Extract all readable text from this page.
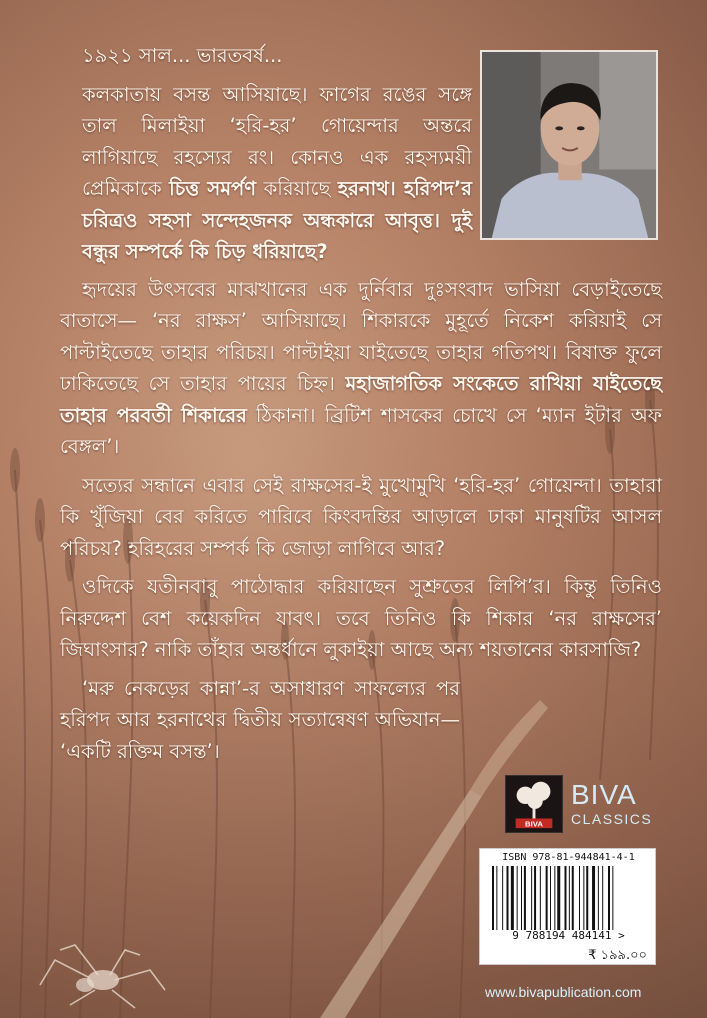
১৯২১ সাল... ভারতবর্ষ...

কলকাতায় বসন্ত আসিয়াছে। ফাগের রঙের সঙ্গে তাল মিলাইয়া ‘হরি-হর’ গোয়েন্দার অন্তরে লাগিয়াছে রহস্যের রং। কোনও এক রহস্যময়ী প্রেমিকাকে চিত্ত সমর্পণ করিয়াছে হরনাথ। হরিপদ’র চরিত্রও সহসা সন্দেহজনক অন্ধকারে আবৃত্ত। দুই বন্ধুর সম্পর্কে কি চিড় ধরিয়াছে?

হৃদয়ের উৎসবের মাঝখানের এক দুর্নিবার দুঃসংবাদ ভাসিয়া বেড়াইতেছে বাতাসে— ‘নর রাক্ষস’ আসিয়াছে। শিকারকে মুহূর্তে নিকেশ করিয়াই সে পাল্টাইতেছে তাহার পরিচয়। পাল্টাইয়া যাইতেছে তাহার গতিপথ। বিষাক্ত ফুলে ঢাকিতেছে সে তাহার পায়ের চিহ্ন। মহাজাগতিক সংকেতে রাখিয়া যাইতেছে তাহার পরবর্তী শিকারের ঠিকানা। ব্রিটিশ শাসকের চোখে সে ‘ম্যান ইটার অফ বেঙ্গল’।

সত্যের সন্ধানে এবার সেই রাক্ষসের-ই মুখোমুখি ‘হরি-হর’ গোয়েন্দা। তাহারা কি খুঁজিয়া বের করিতে পারিবে কিংবদন্তির আড়ালে ঢাকা মানুষটির আসল পরিচয়? হরিহরের সম্পর্ক কি জোড়া লাগিবে আর?

ওদিকে যতীনবাবু পাঠোদ্ধার করিয়াছেন সুশ্রুতের লিপি’র। কিন্তু তিনিও নিরুদ্দেশ বেশ কয়েকদিন যাবৎ। তবে তিনিও কি শিকার ‘নর রাক্ষসের’ জিঘাংসার? নাকি তাঁহার অন্তর্ধানে লুকাইয়া আছে অন্য শয়তানের কারসাজি?

‘মরু নেকড়ের কান্না’-র অসাধারণ সাফল্যের পর হরিপদ আর হরনাথের দ্বিতীয় সত্যান্বেষণ অভিযান— ‘একটি রক্তিম বসন্ত’।

BIVA
BIVA
CLASSICS
ISBN 978-81-944841-4-1
9 788194 484141 >
₹ ১৯৯.০০
www.bivapublication.com
